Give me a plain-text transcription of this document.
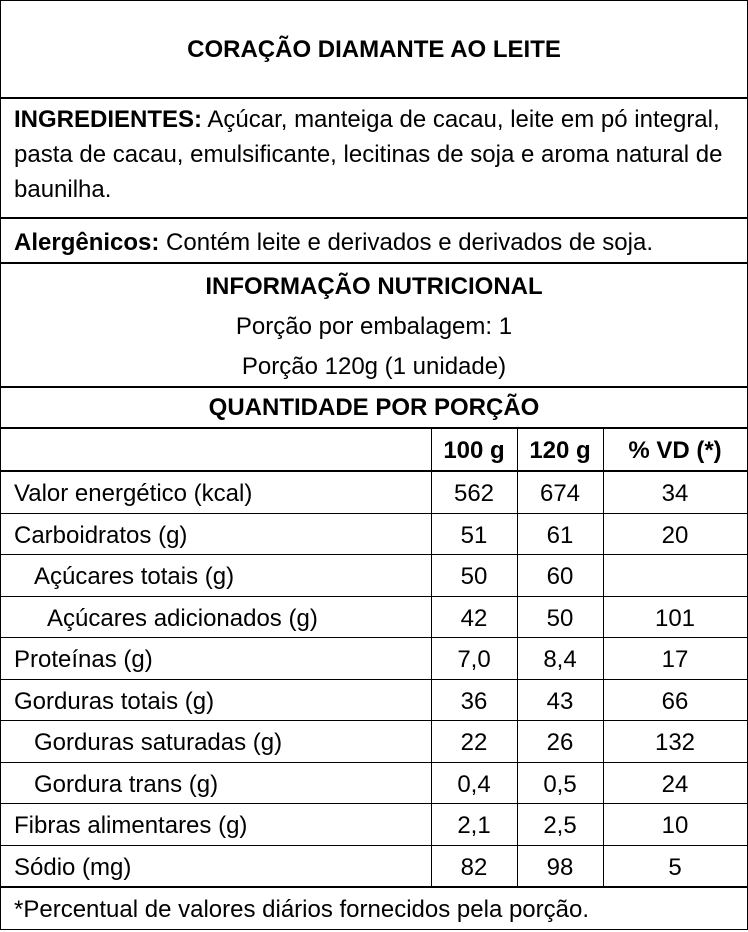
CORAÇÃO DIAMANTE AO LEITE
INGREDIENTES: Açúcar, manteiga de cacau, leite em pó integral, pasta de cacau, emulsificante, lecitinas de soja e aroma natural de baunilha.
Alergênicos: Contém leite e derivados e derivados de soja.
INFORMAÇÃO NUTRICIONAL
Porção por embalagem: 1
Porção 120g (1 unidade)
QUANTIDADE POR PORÇÃO
100 g	120 g	% VD (*)
Valor energético (kcal)	562	674	34
Carboidratos (g)	51	61	20
Açúcares totais (g)	50	60
Açúcares adicionados (g)	42	50	101
Proteínas (g)	7,0	8,4	17
Gorduras totais (g)	36	43	66
Gorduras saturadas (g)	22	26	132
Gordura trans (g)	0,4	0,5	24
Fibras alimentares (g)	2,1	2,5	10
Sódio (mg)	82	98	5
*Percentual de valores diários fornecidos pela porção.
